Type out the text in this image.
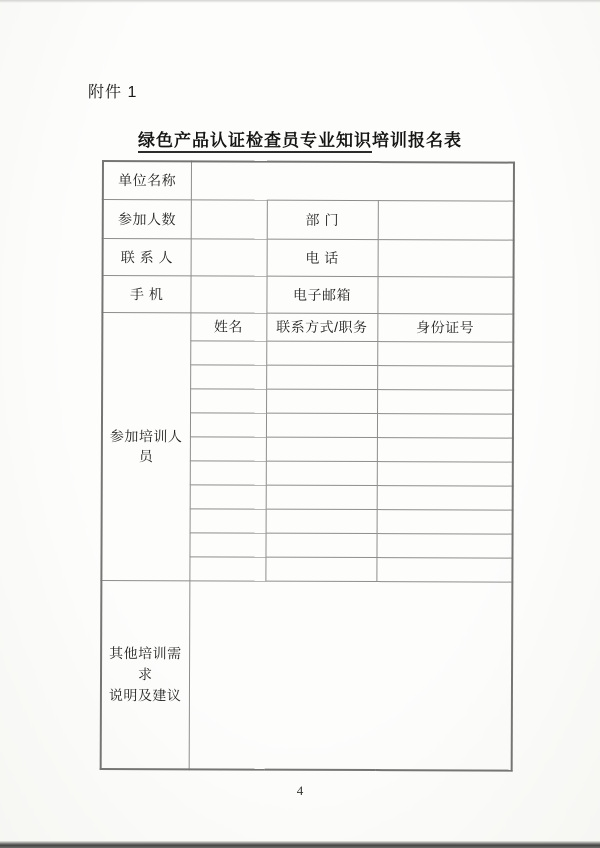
附件 1
绿色产品认证检查员专业知识培训报名表
单位名称			
参加人数		部 门	
联 系 人		电 话	
手 机		电子邮箱	
参加培训人员	姓名	联系方式/职务	身份证号

其他培训需求
说明及建议			

4
